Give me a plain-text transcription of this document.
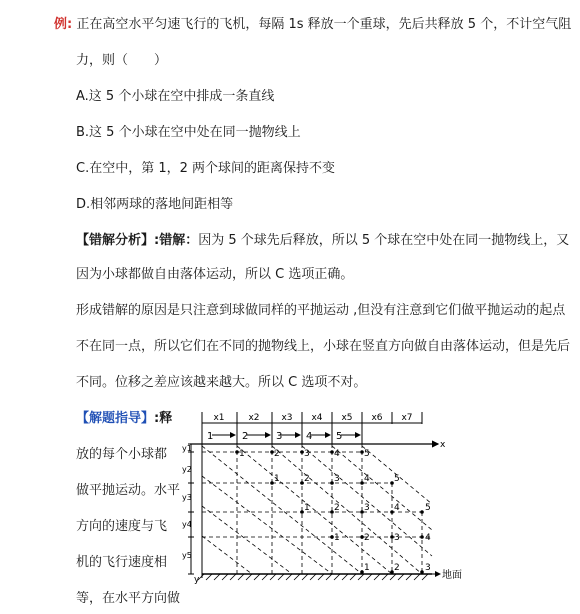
例: 正在高空水平匀速飞行的飞机，每隔 1s 释放一个重球，先后共释放 5 个，不计空气阻
力，则（　　）
A.这 5 个小球在空中排成一条直线
B.这 5 个小球在空中处在同一抛物线上
C.在空中，第 1，2 两个球间的距离保持不变
D.相邻两球的落地间距相等
【错解分析】:错解：因为 5 个球先后释放，所以 5 个球在空中处在同一抛物线上，又
因为小球都做自由落体运动，所以 C 选项正确。
形成错解的原因是只注意到球做同样的平抛运动 ,但没有注意到它们做平抛运动的起点
不在同一点，所以它们在不同的抛物线上，小球在竖直方向做自由落体运动，但是先后
不同。位移之差应该越来越大。所以 C 选项不对。
【解题指导】:释
放的每个小球都
做平抛运动。水平
方向的速度与飞
机的飞行速度相
等，在水平方向做
x1	x2 x3 x4 x5 x6 x7
1	2	3 4 5
x
y
y1
y2
y3
y4
y5
地面
1	2	3	4	5
1	2	3	4	5
1	2	3	4	5
1	2	3	4
1	2	3
